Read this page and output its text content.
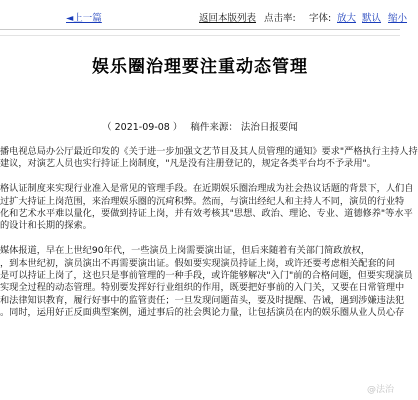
◄上一篇	返回本版列表 点击率: 字体: 放大 默认 缩小
娱乐圈治理要注重动态管理
（ 2021-09-08 ） 稿件来源： 法治日报要闻
播电视总局办公厅最近印发的《关于进一步加强文艺节目及其人员管理的通知》要求"严格执行主持人持
建议，对演艺人员也实行持证上岗制度，"凡是没有注册登记的，规定各类平台均不予录用"。
格认证制度来实现行业准入是常见的管理手段。在近期娱乐圈治理成为社会热议话题的背景下，人们自
过扩大持证上岗范围，来治理娱乐圈的沉疴积弊。然而，与演出经纪人和主持人不同，演员的行业特
化和艺术水平难以量化，要做到持证上岗，并有效考核其"思想、政治、理论、专业、道德修养"等水平
的设计和长期的探索。
媒体报道，早在上世纪90年代，一些演员上岗需要演出证，但后来随着有关部门简政放权，
，到本世纪初，演员演出不再需要演出证。假如要实现演员持证上岗，或许还要考虑相关配套的问
是可以持证上岗了，这也只是事前管理的一种手段，或许能够解决"入门"前的合格问题，但要实现演员
实现全过程的动态管理。特别要发挥好行业组织的作用，既要把好事前的入门关，又要在日常管理中
和法律知识教育，履行好事中的监管责任；一旦发现问题苗头，要及时提醒、告诫，遇到涉嫌违法犯
。同时，运用好正反面典型案例，通过事后的社会舆论力量，让包括演员在内的娱乐圈从业人员心存
@法治
